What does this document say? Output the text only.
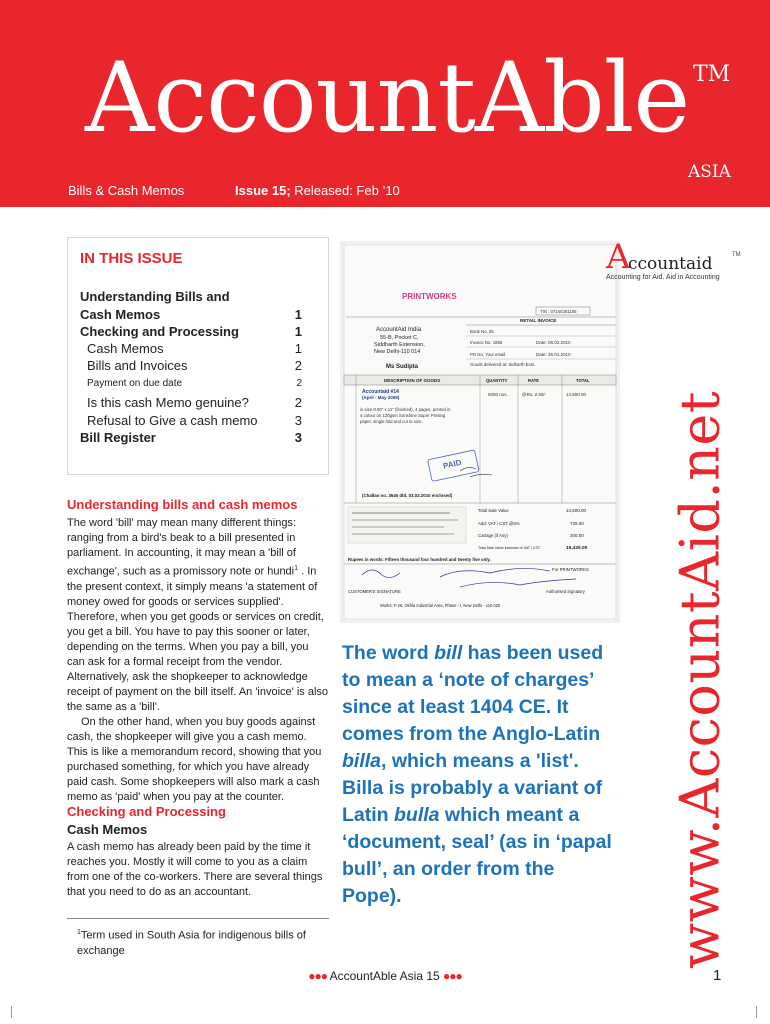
AccountAble TM
ASIA
Bills & Cash Memos	Issue 15; Released: Feb ’10
IN THIS ISSUE
Understanding Bills and
Cash Memos	1
Checking and Processing	1
Cash Memos	1
Bills and Invoices	2
Payment on due date	2
Is this cash Memo genuine?	2
Refusal to Give a cash memo	3
Bill Register	3
PRINTWORKS
TIN : 07240281155
RETAIL INVOICE
AccountAid India
55-B, Pocket C,
Siddharth Extension,
New Delhi-110 014
Ms Sudipta
Book No. 25
Invoice No. 1858	Date: 08.02.2010
PO No. Your email	Date: 26.01.2010
Goods delivered at: Sidharth Extn.
DESCRIPTION OF GOODS	QUANTITY	RATE	TOTAL
Accountaid #14
(April - May 2009)
in size 8.50" x 11" (finished), 4 pages, printed in
4 colour on 120gsm Sunshine Super Printing
paper, single fold and cut to size.
5000 nos.	@Rs. 2.90/-	14,500.00
PAID
(Challan no. 3646 dtd. 03.02.2010 enclosed)
Total Sale Value	14,500.00
Add: VAT / CST @5%	725.00
Cartage (if Any)	200.00
Total Sale Value inclusive of VAT / CST	15,425.00
Rupees in words: Fifteen thousand four hundred and twenty five only.
For PRINTWORKS
CUSTOMER'S SIGNATURE	Authorised Signatory
Works: F-25, Okhla Industrial Area, Phase - I, New Delhi - 110 020
A
ccountaid	TM
Accounting for Aid. Aid in Accounting
www.AccountAid.net
Understanding bills and cash memos

The word 'bill' may mean many different things: ranging from a bird's beak to a bill presented in parliament. In accounting, it may mean a 'bill of exchange', such as a promissory note or hundi$^1$ . In the present context, it simply means 'a statement of money owed for goods or services supplied'. Therefore, when you get goods or services on credit, you get a bill. You have to pay this sooner or later, depending on the terms. When you pay a bill, you can ask for a formal receipt from the vendor. Alternatively, ask the shopkeeper to acknowledge receipt of payment on the bill itself. An 'invoice' is also the same as a 'bill'.

On the other hand, when you buy goods against cash, the shopkeeper will give you a cash memo. This is like a memorandum record, showing that you purchased something, for which you have already paid cash. Some shopkeepers will also mark a cash memo as 'paid' when you pay at the counter.

Checking and Processing
Cash Memos

A cash memo has already been paid by the time it reaches you. Mostly it will come to you as a claim from one of the co-workers. There are several things that you need to do as an accountant.

The word bill has been used to mean a ‘note of charges’ since at least 1404 CE. It comes from the Anglo-Latin billa, which means a 'list'. Billa is probably a variant of Latin bulla which meant a ‘document, seal’ (as in ‘papal bull’, an order from the Pope).
$^1$Term used in South Asia for indigenous bills of exchange
●●● AccountAble Asia 15 ●●●	1
